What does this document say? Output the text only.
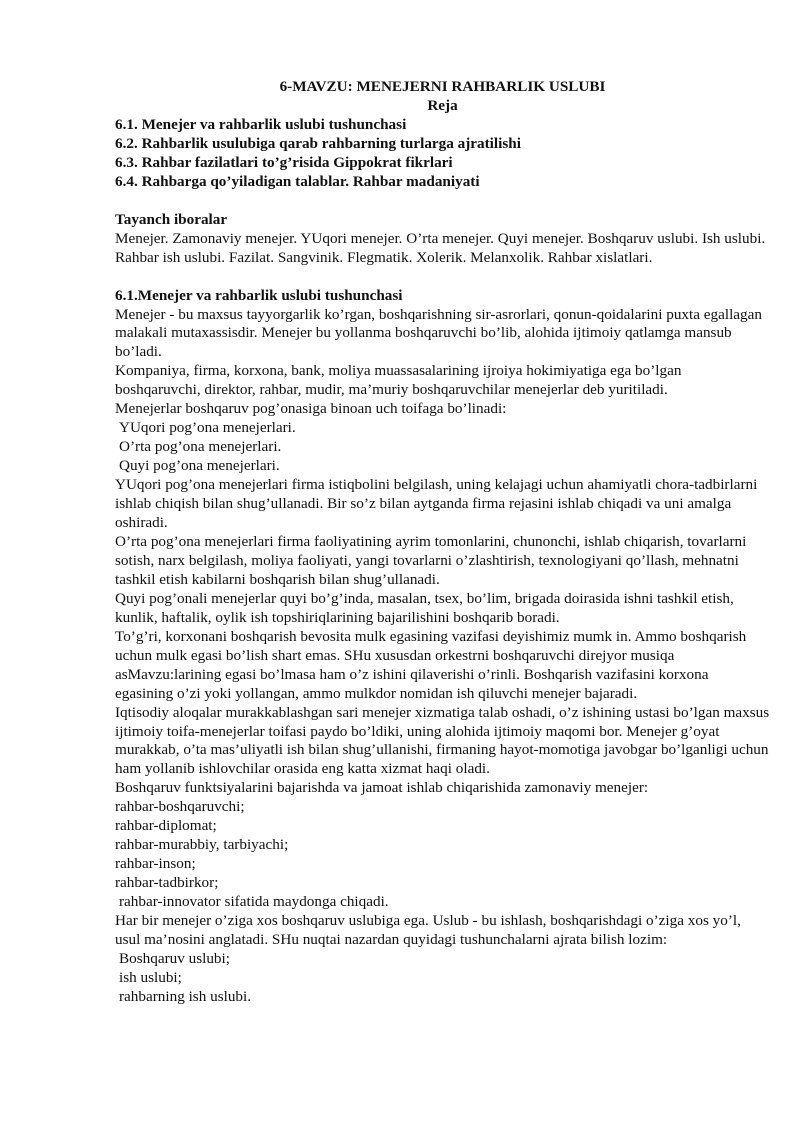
6-MAVZU: MENEJERNI RAHBARLIK USLUBI

Reja

6.1. Menejer va rahbarlik uslubi tushunchasi

6.2. Rahbarlik usulubiga qarab rahbarning turlarga ajratilishi

6.3. Rahbar fazilatlari to’g’risida Gippokrat fikrlari

6.4. Rahbarga qo’yiladigan talablar. Rahbar madaniyati

Tayanch iboralar

Menejer. Zamonaviy menejer. YUqori menejer. O’rta menejer. Quyi menejer. Boshqaruv uslubi. Ish uslubi. Rahbar ish uslubi. Fazilat. Sangvinik. Flegmatik. Xolerik. Melanxolik. Rahbar xislatlari.

6.1.Menejer va rahbarlik uslubi tushunchasi

Menejer - bu maxsus tayyorgarlik ko’rgan, boshqarishning sir-asrorlari, qonun-qoidalarini puxta egallagan malakali mutaxassisdir. Menejer bu yollanma boshqaruvchi bo’lib, alohida ijtimoiy qatlamga mansub bo’ladi.

Kompaniya, firma, korxona, bank, moliya muassasalarining ijroiya hokimiyatiga ega bo’lgan boshqaruvchi, direktor, rahbar, mudir, ma’muriy boshqaruvchilar menejerlar deb yuritiladi.

Menejerlar boshqaruv pog’onasiga binoan uch toifaga bo’linadi:

YUqori pog’ona menejerlari.

O’rta pog’ona menejerlari.

Quyi pog’ona menejerlari.

YUqori pog’ona menejerlari firma istiqbolini belgilash, uning kelajagi uchun ahamiyatli chora-tadbirlarni ishlab chiqish bilan shug’ullanadi. Bir so’z bilan aytganda firma rejasini ishlab chiqadi va uni amalga oshiradi.

O’rta pog’ona menejerlari firma faoliyatining ayrim tomonlarini, chunonchi, ishlab chiqarish, tovarlarni sotish, narx belgilash, moliya faoliyati, yangi tovarlarni o’zlashtirish, texnologiyani qo’llash, mehnatni tashkil etish kabilarni boshqarish bilan shug’ullanadi.

Quyi pog’onali menejerlar quyi bo’g’inda, masalan, tsex, bo’lim, brigada doirasida ishni tashkil etish, kunlik, haftalik, oylik ish topshiriqlarining bajarilishini boshqarib boradi.

To’g’ri, korxonani boshqarish bevosita mulk egasining vazifasi deyishimiz mumk in. Ammo boshqarish uchun mulk egasi bo’lish shart emas. SHu xususdan orkestrni boshqaruvchi direjyor musiqa asMavzu:larining egasi bo’lmasa ham o’z ishini qilaverishi o’rinli. Boshqarish vazifasini korxona egasining o’zi yoki yollangan, ammo mulkdor nomidan ish qiluvchi menejer bajaradi.

Iqtisodiy aloqalar murakkablashgan sari menejer xizmatiga talab oshadi, o’z ishining ustasi bo’lgan maxsus ijtimoiy toifa-menejerlar toifasi paydo bo’ldiki, uning alohida ijtimoiy maqomi bor. Menejer g’oyat murakkab, o’ta mas’uliyatli ish bilan shug’ullanishi, firmaning hayot-momotiga javobgar bo’lganligi uchun ham yollanib ishlovchilar orasida eng katta xizmat haqi oladi.

Boshqaruv funktsiyalarini bajarishda va jamoat ishlab chiqarishida zamonaviy menejer:

rahbar-boshqaruvchi;

rahbar-diplomat;

rahbar-murabbiy, tarbiyachi;

rahbar-inson;

rahbar-tadbirkor;

rahbar-innovator sifatida maydonga chiqadi.

Har bir menejer o’ziga xos boshqaruv uslubiga ega. Uslub - bu ishlash, boshqarishdagi o’ziga xos yo’l, usul ma’nosini anglatadi. SHu nuqtai nazardan quyidagi tushunchalarni ajrata bilish lozim:

Boshqaruv uslubi;

ish uslubi;

rahbarning ish uslubi.
